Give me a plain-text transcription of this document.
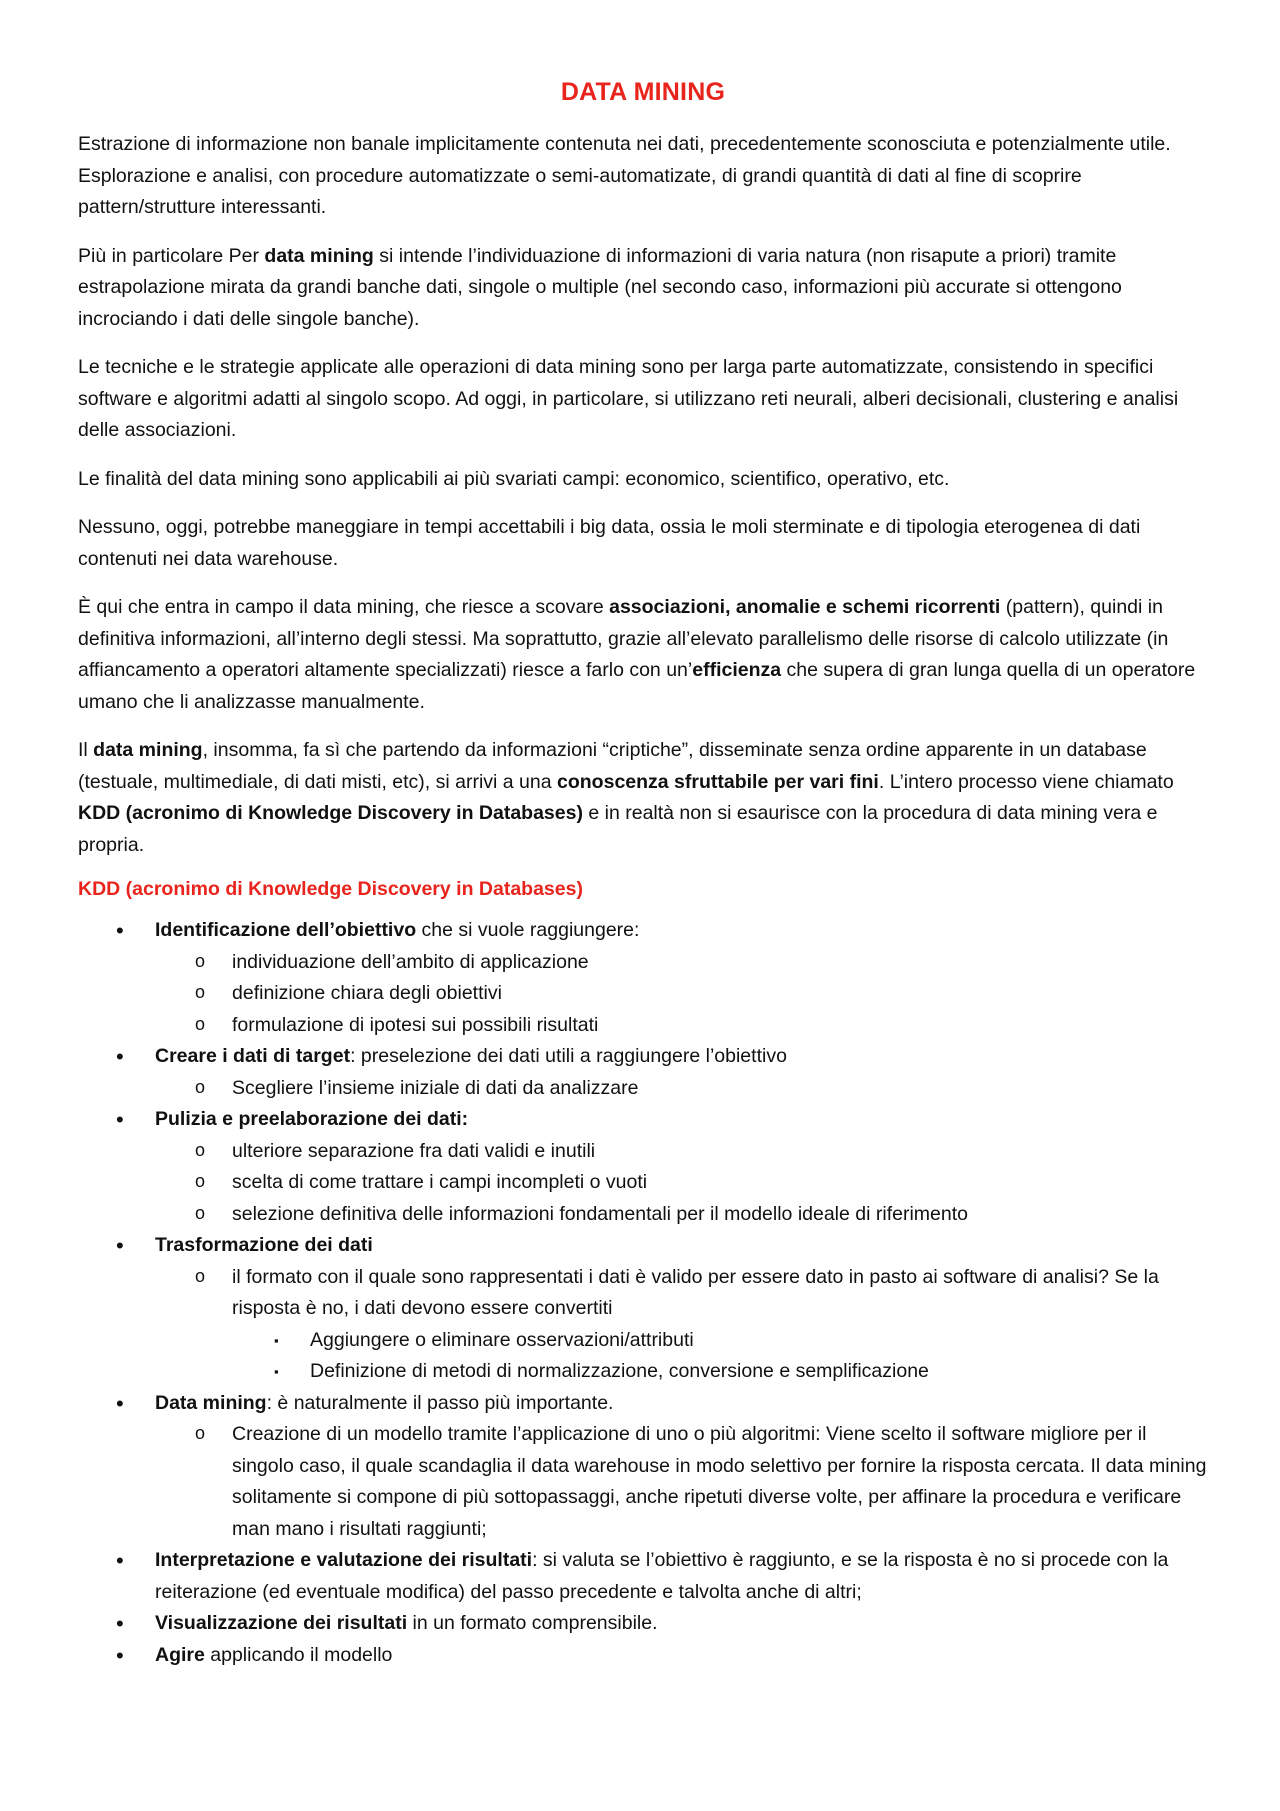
DATA MINING

Estrazione di informazione non banale implicitamente contenuta nei dati, precedentemente sconosciuta e potenzialmente utile. Esplorazione e analisi, con procedure automatizzate o semi-automatizate, di grandi quantità di dati al fine di scoprire pattern/strutture interessanti.

Più in particolare Per data mining si intende l’individuazione di informazioni di varia natura (non risapute a priori) tramite estrapolazione mirata da grandi banche dati, singole o multiple (nel secondo caso, informazioni più accurate si ottengono incrociando i dati delle singole banche).

Le tecniche e le strategie applicate alle operazioni di data mining sono per larga parte automatizzate, consistendo in specifici software e algoritmi adatti al singolo scopo. Ad oggi, in particolare, si utilizzano reti neurali, alberi decisionali, clustering e analisi delle associazioni.

Le finalità del data mining sono applicabili ai più svariati campi: economico, scientifico, operativo, etc.

Nessuno, oggi, potrebbe maneggiare in tempi accettabili i big data, ossia le moli sterminate e di tipologia eterogenea di dati contenuti nei data warehouse.

È qui che entra in campo il data mining, che riesce a scovare associazioni, anomalie e schemi ricorrenti (pattern), quindi in definitiva informazioni, all’interno degli stessi. Ma soprattutto, grazie all’elevato parallelismo delle risorse di calcolo utilizzate (in affiancamento a operatori altamente specializzati) riesce a farlo con un’efficienza che supera di gran lunga quella di un operatore umano che li analizzasse manualmente.

Il data mining, insomma, fa sì che partendo da informazioni “criptiche”, disseminate senza ordine apparente in un database (testuale, multimediale, di dati misti, etc), si arrivi a una conoscenza sfruttabile per vari fini. L’intero processo viene chiamato KDD (acronimo di Knowledge Discovery in Databases) e in realtà non si esaurisce con la procedura di data mining vera e propria.

KDD (acronimo di Knowledge Discovery in Databases)
• Identificazione dell’obiettivo che si vuole raggiungere:
o individuazione dell’ambito di applicazione
o definizione chiara degli obiettivi
o formulazione di ipotesi sui possibili risultati
• Creare i dati di target: preselezione dei dati utili a raggiungere l’obiettivo
o Scegliere l’insieme iniziale di dati da analizzare
• Pulizia e preelaborazione dei dati:
o ulteriore separazione fra dati validi e inutili
o scelta di come trattare i campi incompleti o vuoti
o selezione definitiva delle informazioni fondamentali per il modello ideale di riferimento
• Trasformazione dei dati
o il formato con il quale sono rappresentati i dati è valido per essere dato in pasto ai software di analisi? Se la risposta è no, i dati devono essere convertiti
▪ Aggiungere o eliminare osservazioni/attributi
▪ Definizione di metodi di normalizzazione, conversione e semplificazione
• Data mining: è naturalmente il passo più importante.
o Creazione di un modello tramite l’applicazione di uno o più algoritmi: Viene scelto il software migliore per il singolo caso, il quale scandaglia il data warehouse in modo selettivo per fornire la risposta cercata. Il data mining solitamente si compone di più sottopassaggi, anche ripetuti diverse volte, per affinare la procedura e verificare man mano i risultati raggiunti;
• Interpretazione e valutazione dei risultati: si valuta se l’obiettivo è raggiunto, e se la risposta è no si procede con la reiterazione (ed eventuale modifica) del passo precedente e talvolta anche di altri;
• Visualizzazione dei risultati in un formato comprensibile.
• Agire applicando il modello
